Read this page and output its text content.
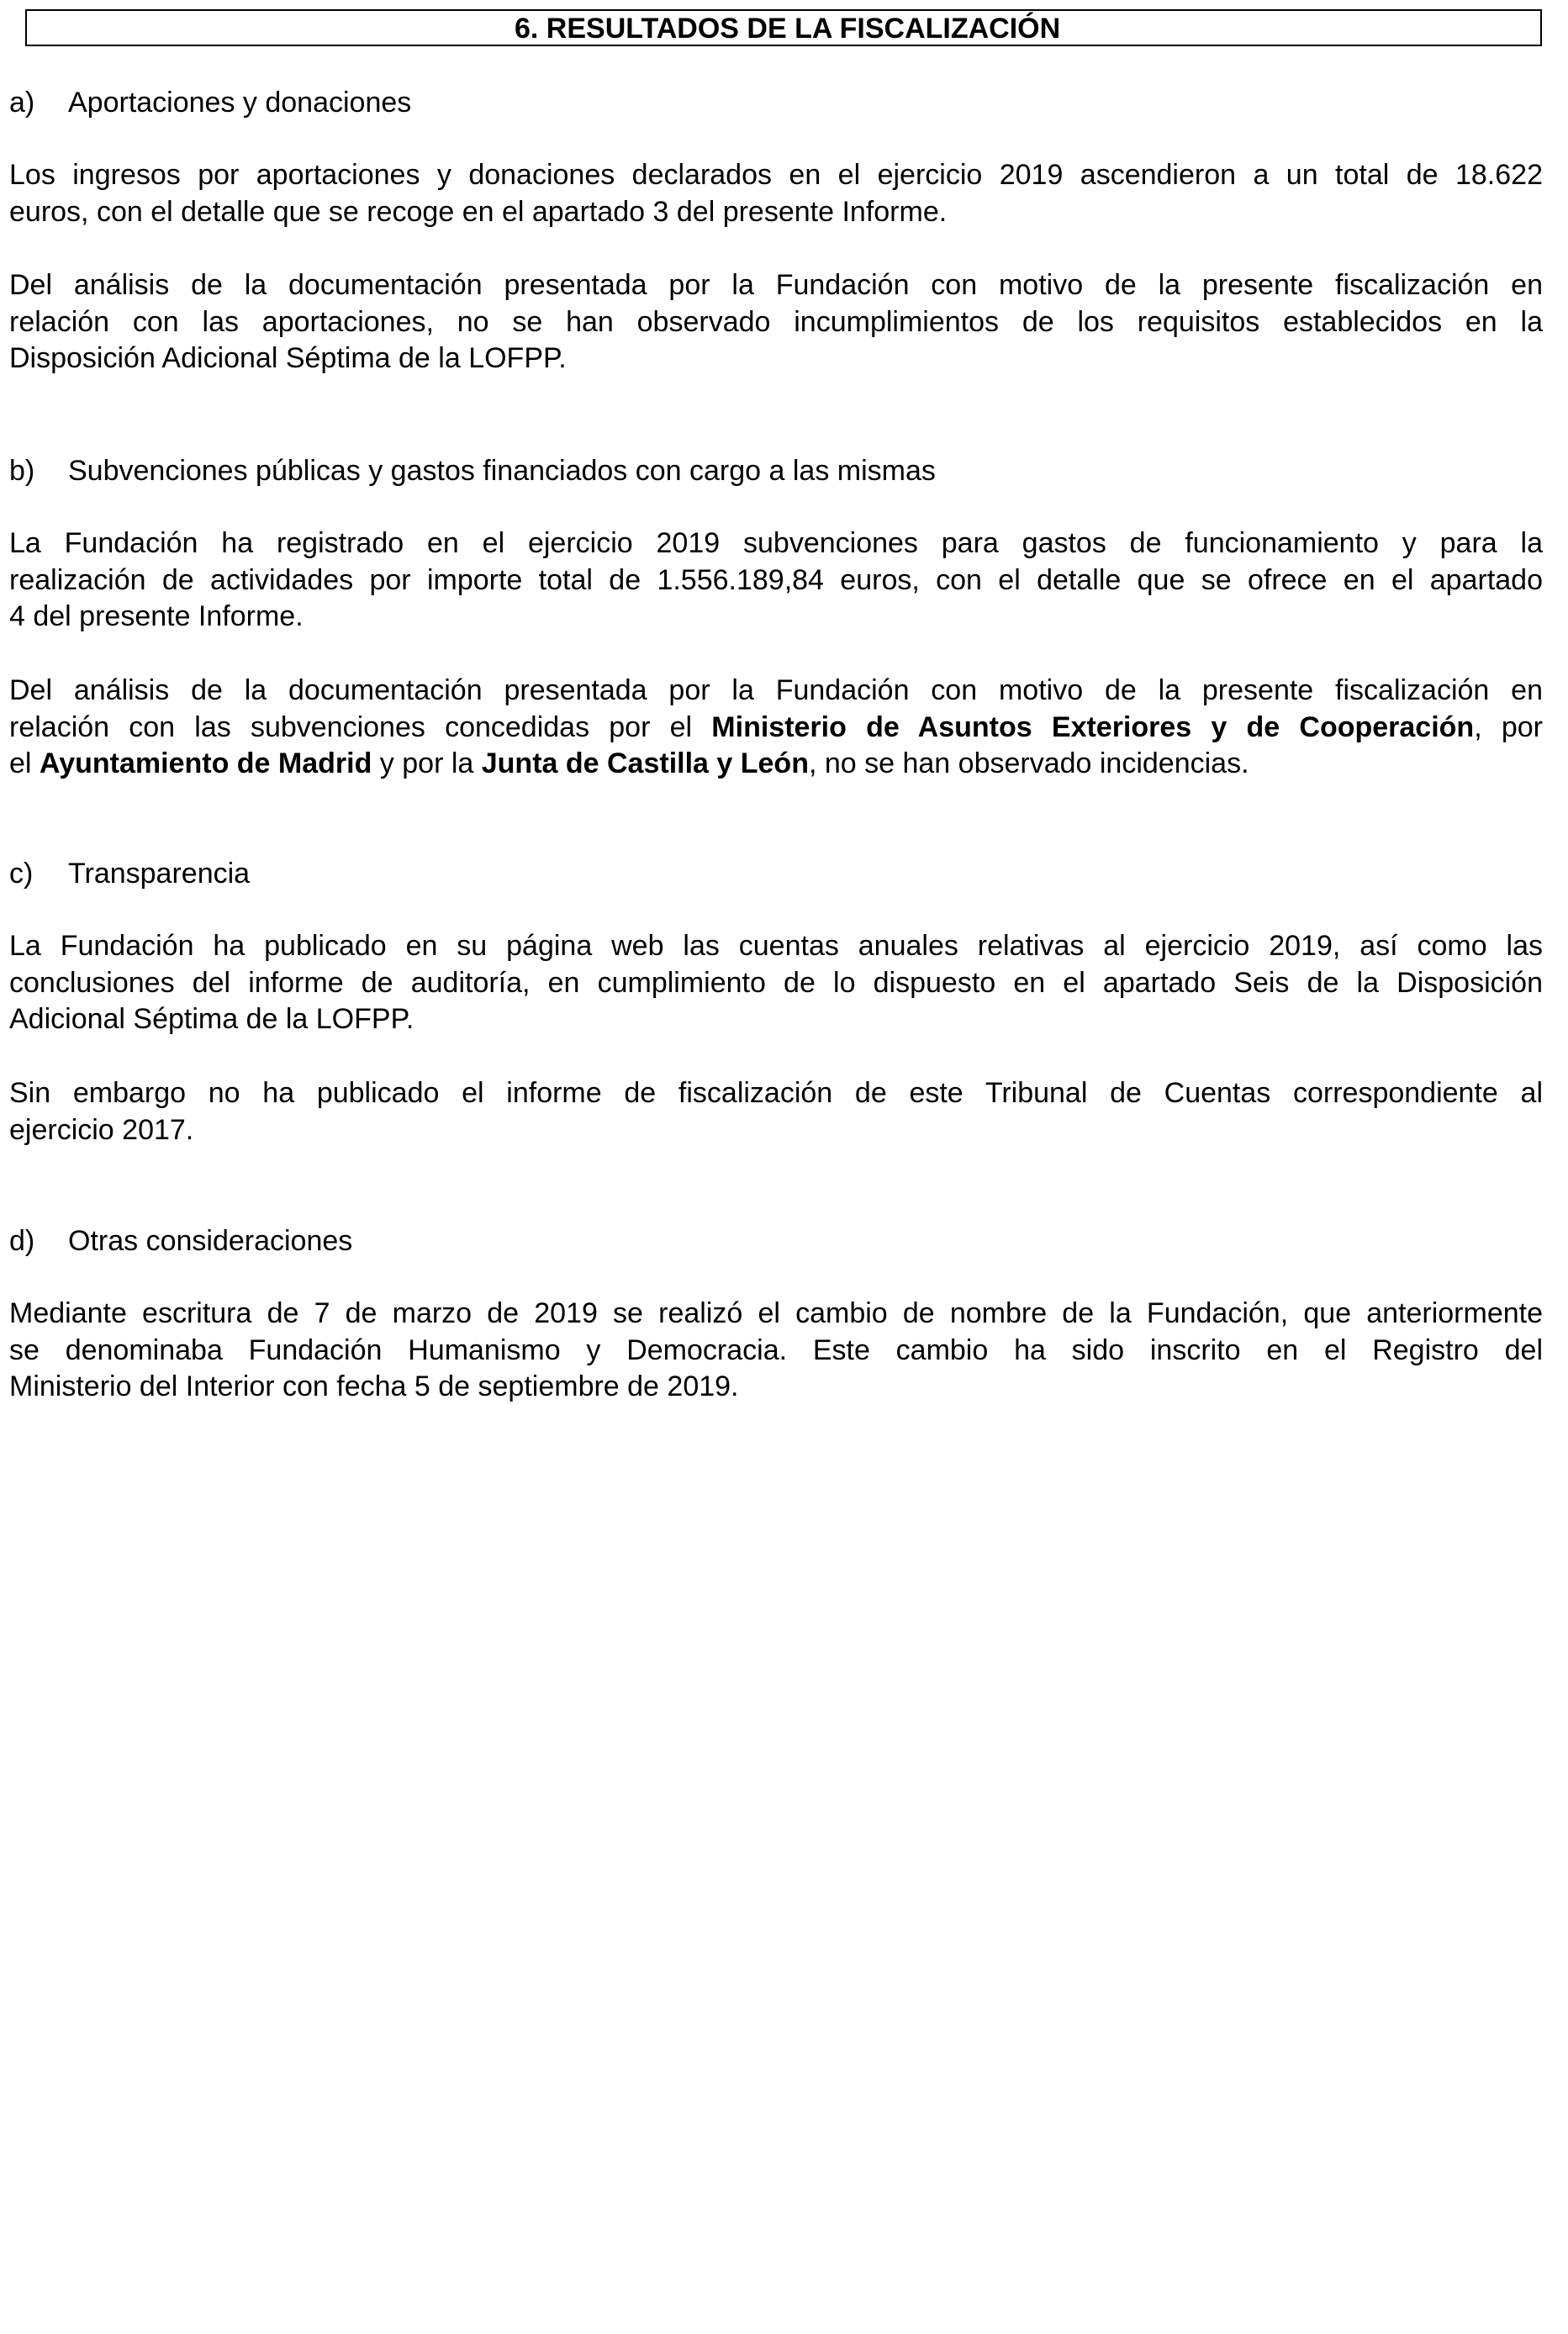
6. RESULTADOS DE LA FISCALIZACIÓN
a) Aportaciones y donaciones
Los ingresos por aportaciones y donaciones declarados en el ejercicio 2019 ascendieron a un total de 18.622
euros, con el detalle que se recoge en el apartado 3 del presente Informe.
Del análisis de la documentación presentada por la Fundación con motivo de la presente fiscalización en
relación con las aportaciones, no se han observado incumplimientos de los requisitos establecidos en la
Disposición Adicional Séptima de la LOFPP.
b) Subvenciones públicas y gastos financiados con cargo a las mismas
La Fundación ha registrado en el ejercicio 2019 subvenciones para gastos de funcionamiento y para la
realización de actividades por importe total de 1.556.189,84 euros, con el detalle que se ofrece en el apartado
4 del presente Informe.
Del análisis de la documentación presentada por la Fundación con motivo de la presente fiscalización en
relación con las subvenciones concedidas por el Ministerio de Asuntos Exteriores y de Cooperación, por
el Ayuntamiento de Madrid y por la Junta de Castilla y León, no se han observado incidencias.
c) Transparencia
La Fundación ha publicado en su página web las cuentas anuales relativas al ejercicio 2019, así como las
conclusiones del informe de auditoría, en cumplimiento de lo dispuesto en el apartado Seis de la Disposición
Adicional Séptima de la LOFPP.
Sin embargo no ha publicado el informe de fiscalización de este Tribunal de Cuentas correspondiente al
ejercicio 2017.
d) Otras consideraciones
Mediante escritura de 7 de marzo de 2019 se realizó el cambio de nombre de la Fundación, que anteriormente
se denominaba Fundación Humanismo y Democracia. Este cambio ha sido inscrito en el Registro del
Ministerio del Interior con fecha 5 de septiembre de 2019.
